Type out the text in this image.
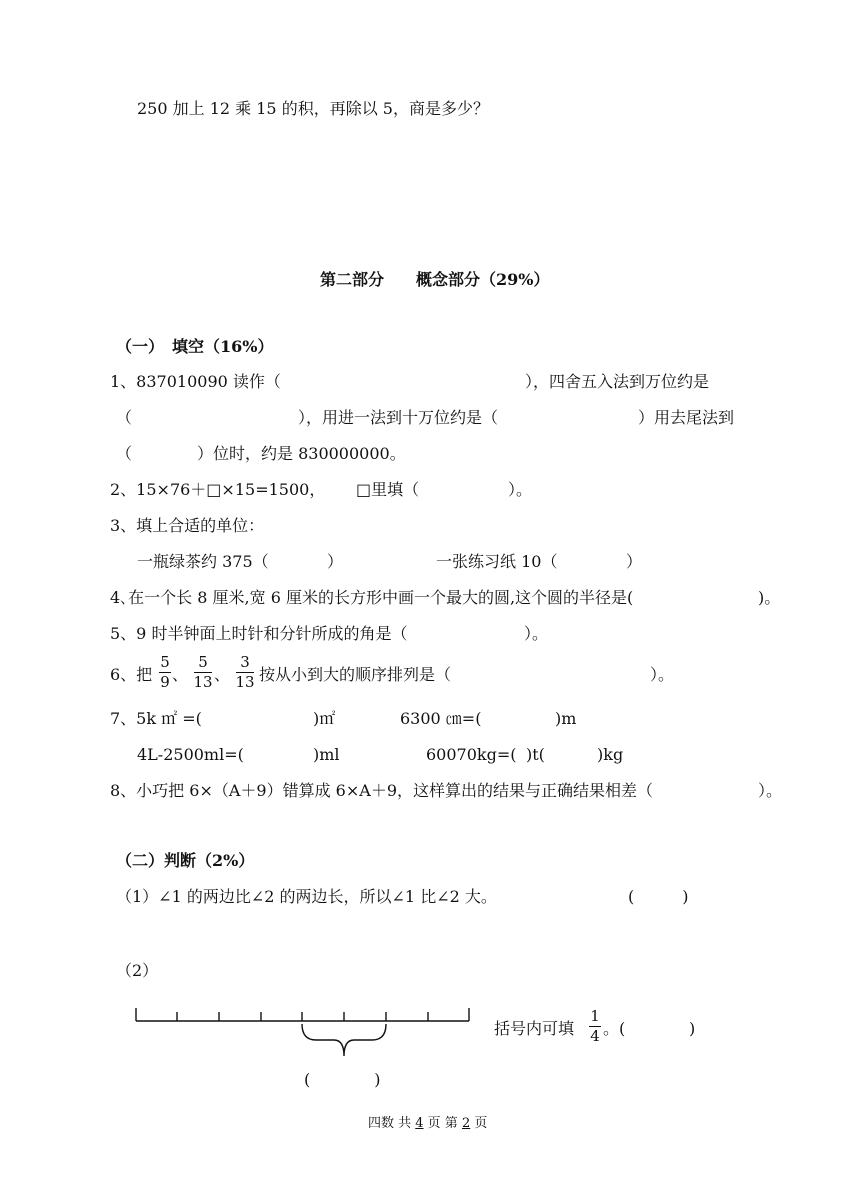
250 加上 12 乘 15 的积，再除以 5，商是多少？
第二部分　　概念部分（29%）
（一）　填空（16%）
1、837010090 读作（	），四舍五入法到万位约是
（	），用进一法到十万位约是（	）用去尾法到
（	）位时，约是 830000000。
2、15×76＋□×15=1500， □里填（	）。
3、填上合适的单位：
一瓶绿茶约 375（	）	一张练习纸 10（	）
4､在一个长 8 厘米,宽 6 厘米的长方形中画一个最大的圆,这个圆的半径是(	)。
5、9 时半钟面上时针和分针所成的角是（	）。
6、把
5
9 、
5
13 、
3
13 按从小到大的顺序排列是（	）。
7、5k ㎡ =(	)㎡	6300 ㎝=(	)m
4L-2500ml=(	)ml	60070kg=( )t(	)kg
8、小巧把 6×（A＋9）错算成 6×A＋9，这样算出的结果与正确结果相差（	）。
（二）判断（2%）
（1）∠1 的两边比∠2 的两边长，所以∠1 比∠2 大。	(　　　)
（2）
括号内可填
1
4 。(	)
(　　　　)
四数 共 4 页 第 2 页
